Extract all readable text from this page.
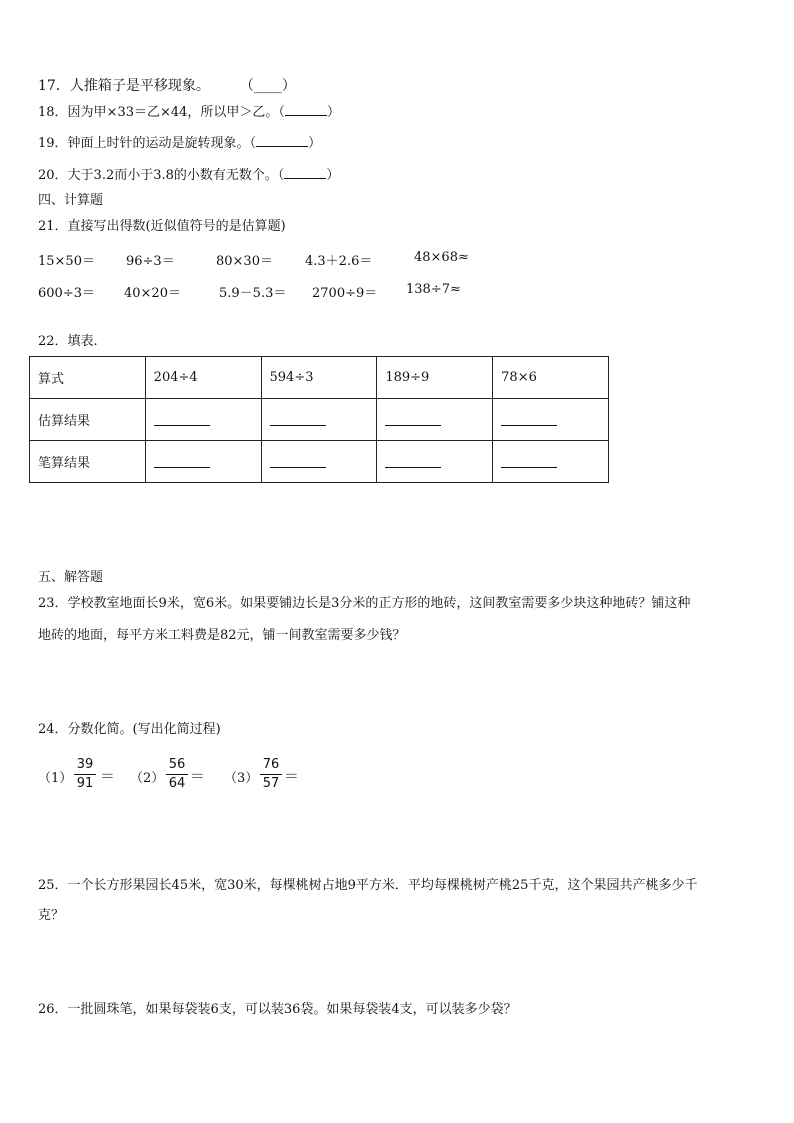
17．人推箱子是平移现象。 （____）
18．因为甲×33＝乙×44，所以甲＞乙。（	）
19．钟面上时针的运动是旋转现象。（	）
20．大于3.2而小于3.8的小数有无数个。（	）
四、计算题
21．直接写出得数(近似值符号的是估算题)
15×50＝ 96÷3＝	80×30＝ 4.3＋2.6＝	48×68≈
600÷3＝ 40×20＝	5.9－5.3＝ 2700÷9＝ 138÷7≈
22．填表.
算式	204÷4	594÷3	189÷9	78×6
估算结果				
笔算结果				
五、解答题
23．学校教室地面长9米，宽6米。如果要铺边长是3分米的正方形的地砖，这间教室需要多少块这种地砖？铺这种
地砖的地面，每平方米工料费是82元，铺一间教室需要多少钱？
24．分数化简。(写出化简过程)
（1）
39
91 ＝ （2）
56
64 ＝ （3）
76
57 ＝
25．一个长方形果园长45米，宽30米，每棵桃树占地9平方米．平均每棵桃树产桃25千克，这个果园共产桃多少千
克？
26．一批圆珠笔，如果每袋装6支，可以装36袋。如果每袋装4支，可以装多少袋？
